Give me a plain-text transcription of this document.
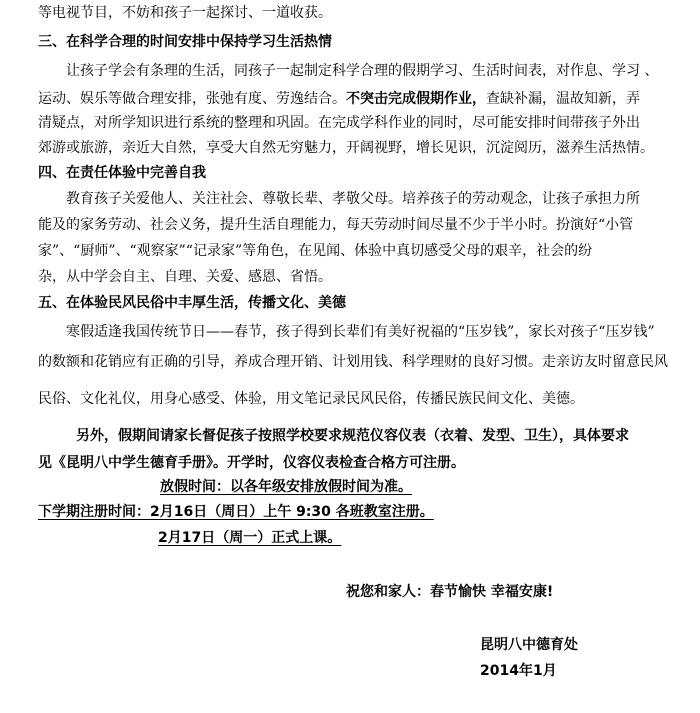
等电视节目，不妨和孩子一起探讨、一道收获。
三、在科学合理的时间安排中保持学习生活热情
让孩子学会有条理的生活，同孩子一起制定科学合理的假期学习、生活时间表，对作息、学习 、
运动、娱乐等做合理安排，张弛有度、劳逸结合。不突击完成假期作业，查缺补漏，温故知新，弄
清疑点，对所学知识进行系统的整理和巩固。在完成学科作业的同时，尽可能安排时间带孩子外出
郊游或旅游，亲近大自然，享受大自然无穷魅力，开阔视野，增长见识，沉淀阅历，滋养生活热情。
四、在责任体验中完善自我
教育孩子关爱他人、关注社会、尊敬长辈、孝敬父母。培养孩子的劳动观念，让孩子承担力所
能及的家务劳动、社会义务，提升生活自理能力，每天劳动时间尽量不少于半小时。扮演好“小管
家”、“厨师”、“观察家”“记录家”等角色，在见闻、体验中真切感受父母的艰辛，社会的纷
杂，从中学会自主、自理、关爱、感恩、省悟。
五、在体验民风民俗中丰厚生活，传播文化、美德
寒假适逢我国传统节日——春节，孩子得到长辈们有美好祝福的“压岁钱”，家长对孩子“压岁钱”
的数额和花销应有正确的引导，养成合理开销、计划用钱、科学理财的良好习惯。走亲访友时留意民风
民俗、文化礼仪，用身心感受、体验，用文笔记录民风民俗，传播民族民间文化、美德。
另外，假期间请家长督促孩子按照学校要求规范仪容仪表（衣着、发型、卫生），具体要求
见《昆明八中学生德育手册》。开学时，仪容仪表检查合格方可注册。
放假时间：以各年级安排放假时间为准。
下学期注册时间：2月16日（周日）上午 9:30 各班教室注册。
2月17日（周一）正式上课。
祝您和家人：春节愉快 幸福安康!
昆明八中德育处
2014年1月
